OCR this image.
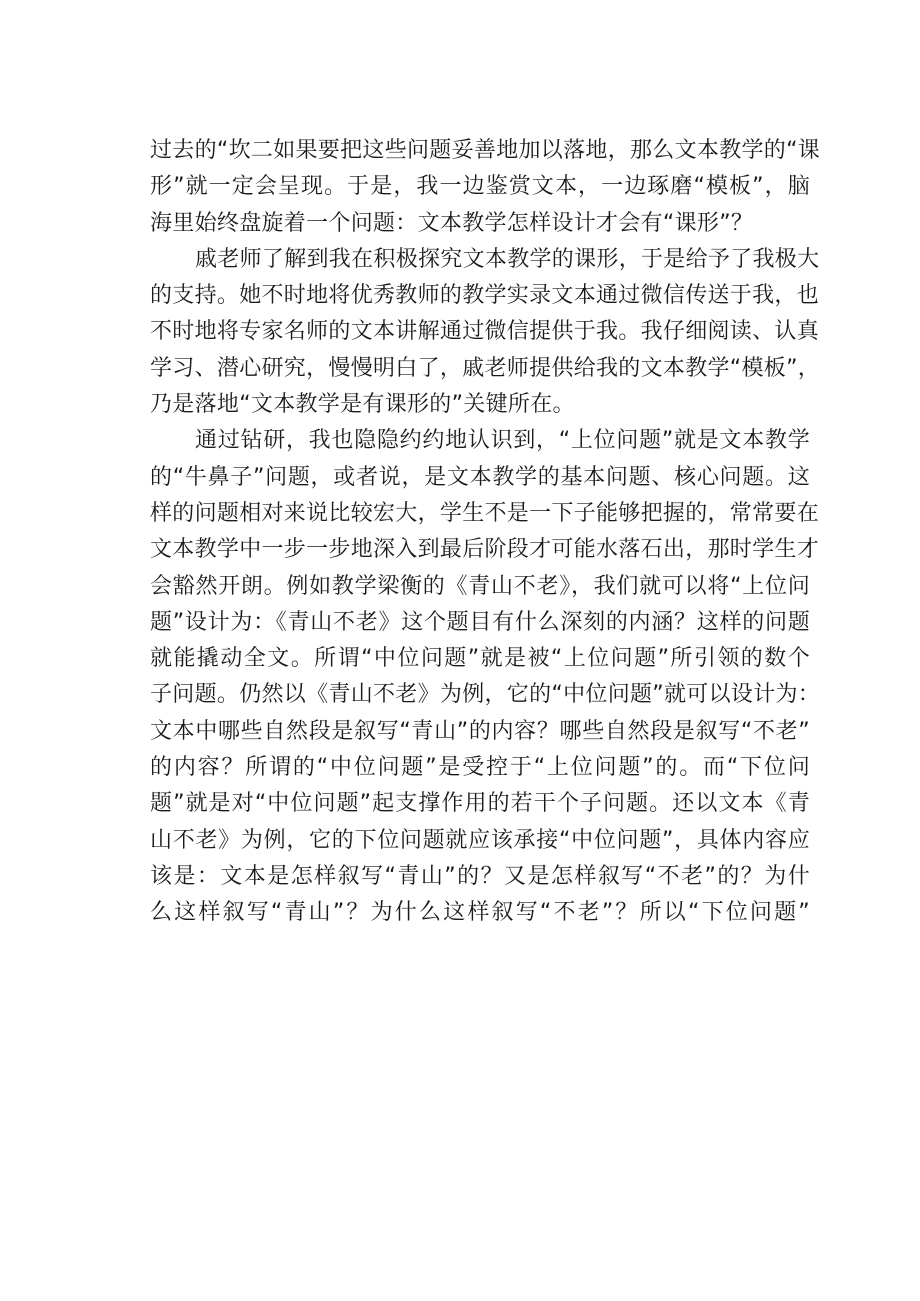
过去的“坎二如果要把这些问题妥善地加以落地，那么文本教学的“课
形”就一定会呈现。于是，我一边鉴赏文本，一边琢磨“模板”，脑
海里始终盘旋着一个问题：文本教学怎样设计才会有“课形”？
戚老师了解到我在积极探究文本教学的课形，于是给予了我极大
的支持。她不时地将优秀教师的教学实录文本通过微信传送于我，也
不时地将专家名师的文本讲解通过微信提供于我。我仔细阅读、认真
学习、潜心研究，慢慢明白了，戚老师提供给我的文本教学“模板”，
乃是落地“文本教学是有课形的”关键所在。
通过钻研，我也隐隐约约地认识到，“上位问题”就是文本教学
的“牛鼻子”问题，或者说，是文本教学的基本问题、核心问题。这
样的问题相对来说比较宏大，学生不是一下子能够把握的，常常要在
文本教学中一步一步地深入到最后阶段才可能水落石出，那时学生才
会豁然开朗。例如教学梁衡的《青山不老》，我们就可以将“上位问
题”设计为：《青山不老》这个题目有什么深刻的内涵？这样的问题
就能撬动全文。所谓“中位问题”就是被“上位问题”所引领的数个
子问题。仍然以《青山不老》为例，它的“中位问题”就可以设计为：
文本中哪些自然段是叙写“青山”的内容？哪些自然段是叙写“不老”
的内容？所谓的“中位问题”是受控于“上位问题”的。而“下位问
题”就是对“中位问题”起支撑作用的若干个子问题。还以文本《青
山不老》为例，它的下位问题就应该承接“中位问题”，具体内容应
该是：文本是怎样叙写“青山”的？又是怎样叙写“不老”的？为什
么这样叙写“青山”？为什么这样叙写“不老”？所以“下位问题”
